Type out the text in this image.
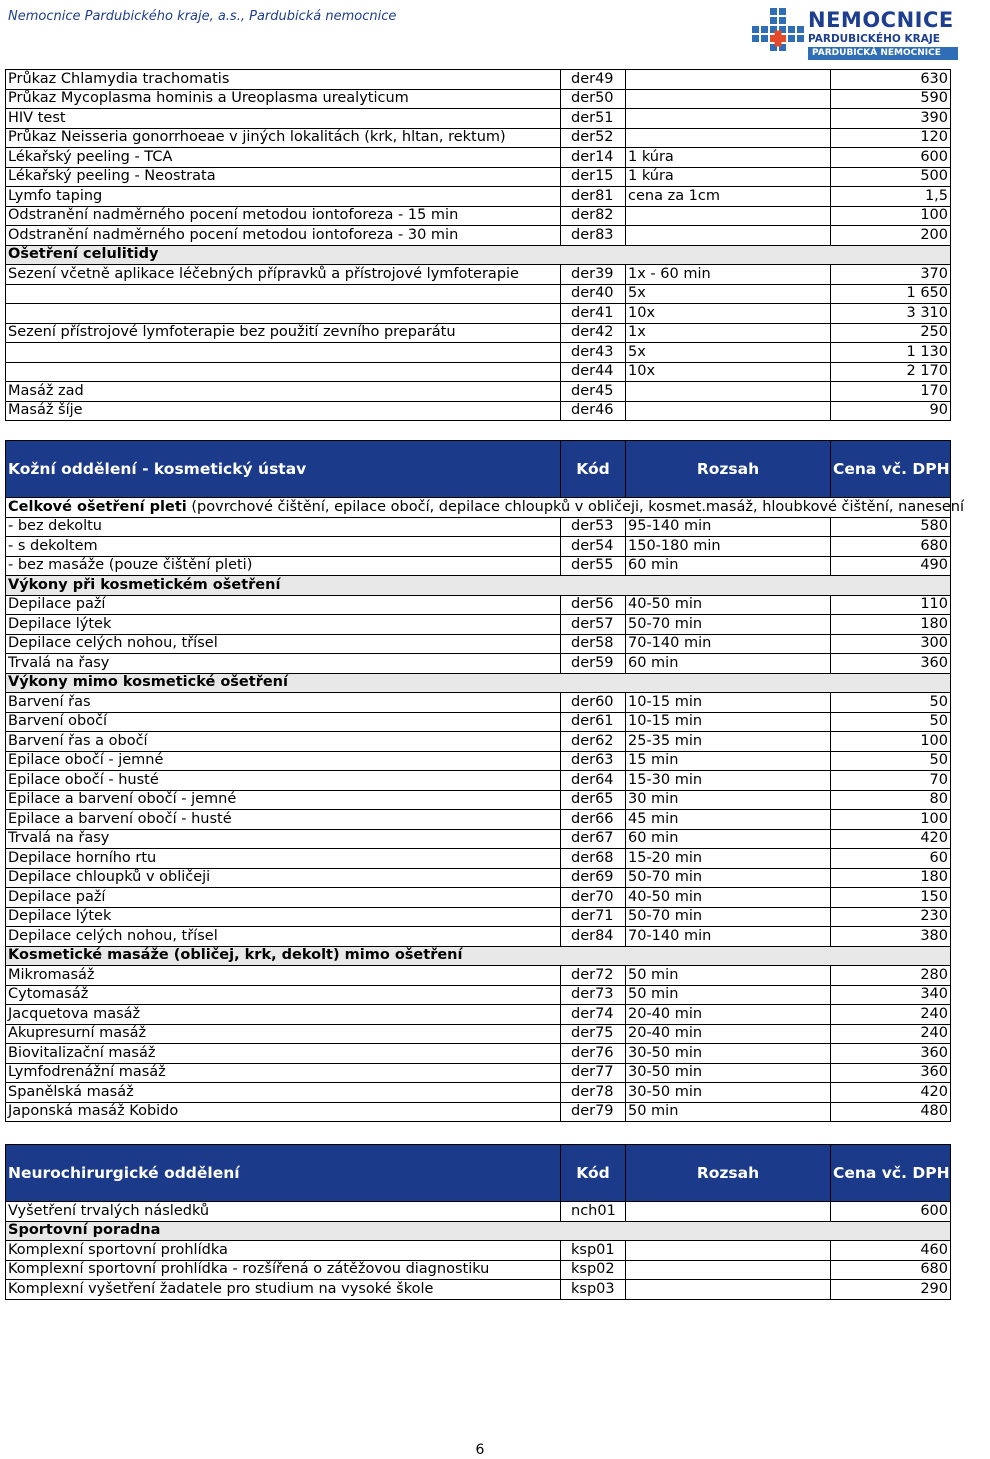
Nemocnice Pardubického kraje, a.s., Pardubická nemocnice	NEMOCNICE
PARDUBICKÉHO KRAJE
PARDUBICKÁ NEMOCNICE
Průkaz Chlamydia trachomatis	der49		630
Průkaz Mycoplasma hominis a Ureoplasma urealyticum	der50		590
HIV test	der51		390
Průkaz Neisseria gonorrhoeae v jiných lokalitách (krk, hltan, rektum)	der52		120
Lékařský peeling - TCA	der14	1 kúra	600
Lékařský peeling - Neostrata	der15	1 kúra	500
Lymfo taping	der81	cena za 1cm	1,5
Odstranění nadměrného pocení metodou iontoforeza - 15 min	der82		100
Odstranění nadměrného pocení metodou iontoforeza - 30 min	der83		200
Ošetření celulitidy			
Sezení včetně aplikace léčebných přípravků a přístrojové lymfoterapie	der39	1x - 60 min	370
	der40	5x	1 650
	der41	10x	3 310
Sezení přístrojové lymfoterapie bez použití zevního preparátu	der42	1x	250
	der43	5x	1 130
	der44	10x	2 170
Masáž zad	der45		170
Masáž šíje	der46		90
Kožní oddělení - kosmetický ústav	Kód	Rozsah	Cena vč. DPH (Kč)
Celkové ošetření pleti (povrchové čištění, epilace obočí, depilace chloupků v obličeji, kosmet.masáž, hloubkové čištění, nanesení			
- bez dekoltu	der53	95-140 min	580
- s dekoltem	der54	150-180 min	680
- bez masáže (pouze čištění pleti)	der55	60 min	490
Výkony při kosmetickém ošetření			
Depilace paží	der56	40-50 min	110
Depilace lýtek	der57	50-70 min	180
Depilace celých nohou, třísel	der58	70-140 min	300
Trvalá na řasy	der59	60 min	360
Výkony mimo kosmetické ošetření			
Barvení řas	der60	10-15 min	50
Barvení obočí	der61	10-15 min	50
Barvení řas a obočí	der62	25-35 min	100
Epilace obočí - jemné	der63	15 min	50
Epilace obočí - husté	der64	15-30 min	70
Epilace a barvení obočí - jemné	der65	30 min	80
Epilace a barvení obočí - husté	der66	45 min	100
Trvalá na řasy	der67	60 min	420
Depilace horního rtu	der68	15-20 min	60
Depilace chloupků v obličeji	der69	50-70 min	180
Depilace paží	der70	40-50 min	150
Depilace lýtek	der71	50-70 min	230
Depilace celých nohou, třísel	der84	70-140 min	380
Kosmetické masáže (obličej, krk, dekolt) mimo ošetření			
Mikromasáž	der72	50 min	280
Cytomasáž	der73	50 min	340
Jacquetova masáž	der74	20-40 min	240
Akupresurní masáž	der75	20-40 min	240
Biovitalizační masáž	der76	30-50 min	360
Lymfodrenážní masáž	der77	30-50 min	360
Spanělská masáž	der78	30-50 min	420
Japonská masáž Kobido	der79	50 min	480
Neurochirurgické oddělení	Kód	Rozsah	Cena vč. DPH (Kč)
Vyšetření trvalých následků	nch01		600
Sportovní poradna			
Komplexní sportovní prohlídka	ksp01		460
Komplexní sportovní prohlídka - rozšířená o zátěžovou diagnostiku	ksp02		680
Komplexní vyšetření žadatele pro studium na vysoké škole	ksp03		290
6
